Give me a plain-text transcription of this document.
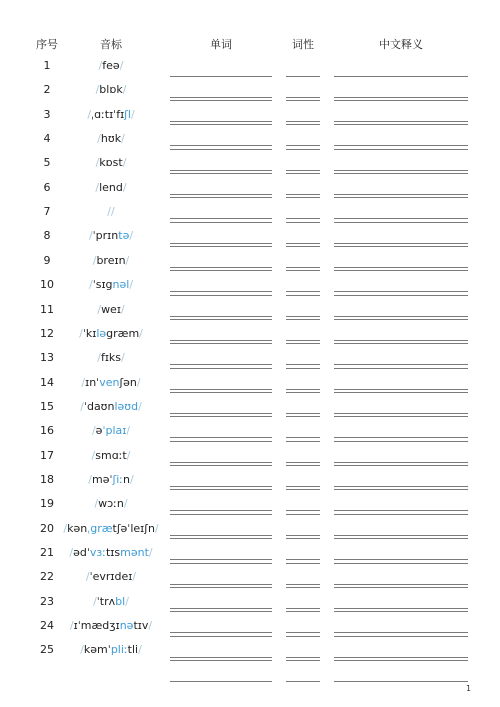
序号	音标	单词	词性	中文释义
1	/feə/
2	/blɒk/
3	/ˌɑːtɪˈfɪʃl/
4	/hʊk/
5	/kɒst/
6	/lend/
7	//
8	/ˈprɪntə/
9	/breɪn/
10	/ˈsɪgnəl/
11	/weɪ/
12	/ˈkɪləgræm/
13	/fɪks/
14	/ɪnˈvenʃən/
15	/ˈdaʊnləʊd/
16	/əˈplaɪ/
17	/smɑːt/
18	/məˈʃiːn/
19	/wɔːn/
20 /kənˌgrætʃəˈleɪʃn/
21	/ədˈvɜːtɪsmənt/
22	/ˈevrɪdeɪ/
23	/ˈtrʌbl/
24	/ɪˈmædʒɪnətɪv/
25	/kəmˈpliːtli/
1
